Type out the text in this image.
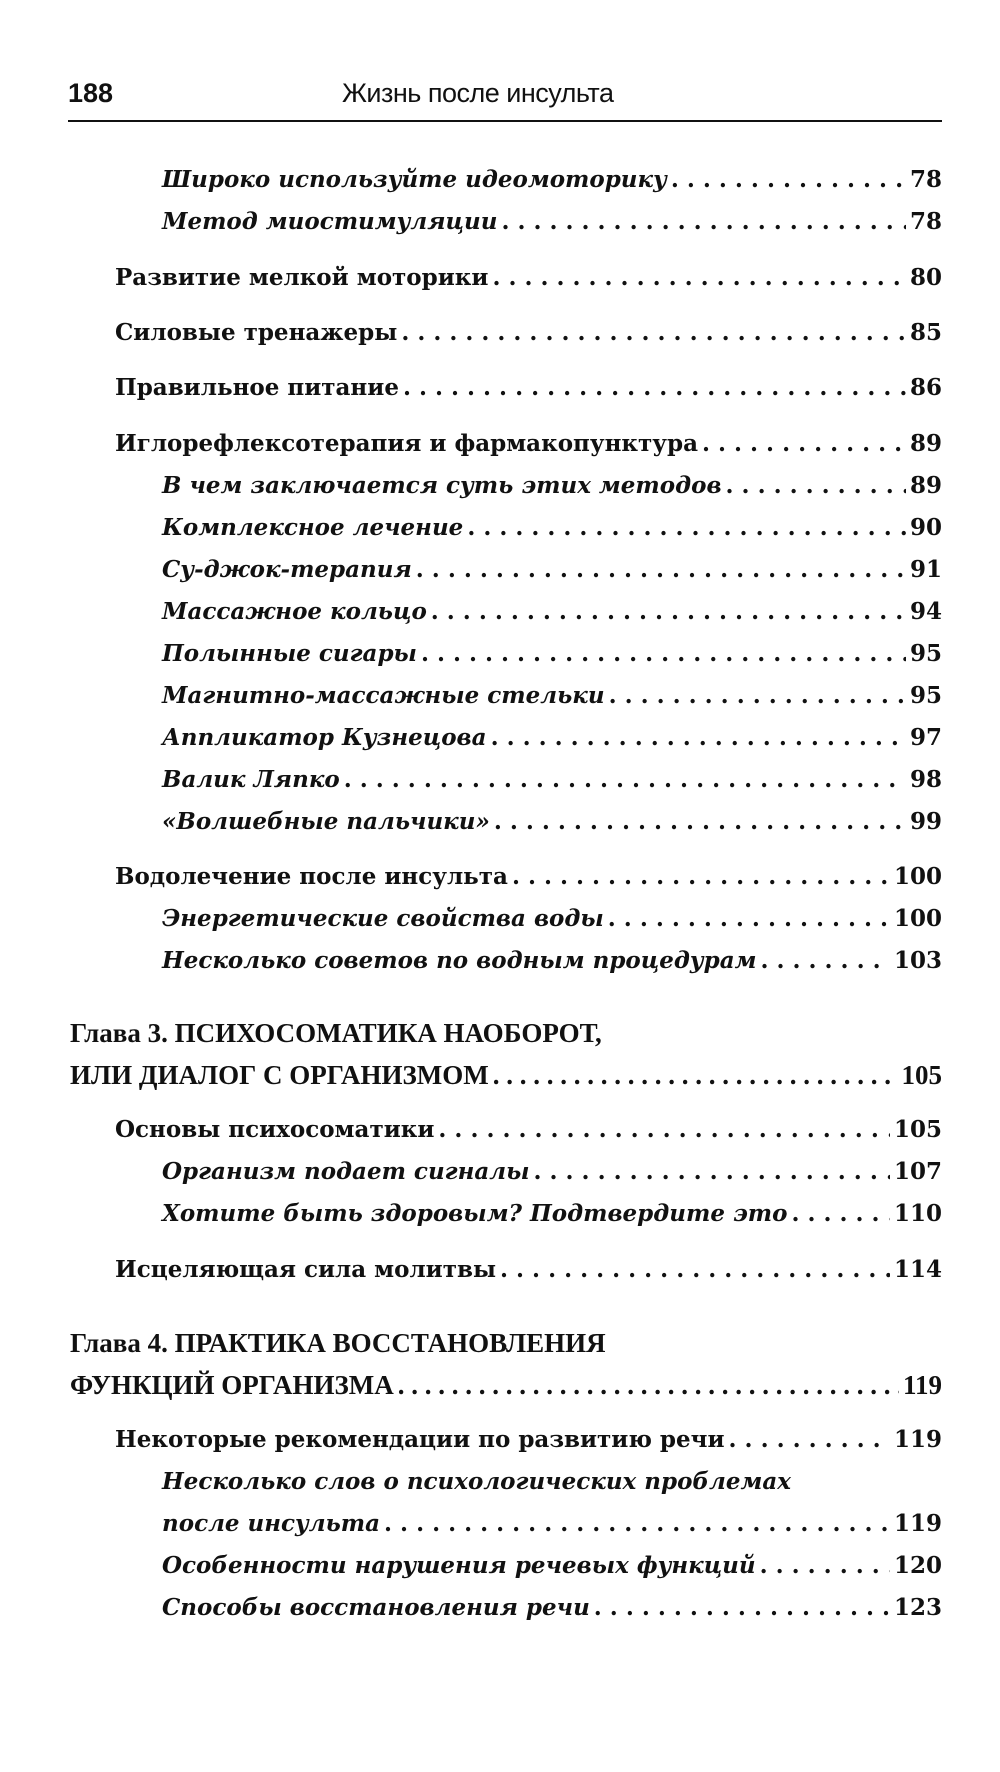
188	Жизнь после инсульта
Широко используйте идеомоторику . . .	78
Метод миостимуляции . . .	78
Развитие мелкой моторики . . .	80
Силовые тренажеры . . .	85
Правильное питание . . .	86
Иглорефлексотерапия и фармакопунктура . . .	89
В чем заключается суть этих методов . . .	89
Комплексное лечение . . .	90
Су-джок-терапия . . .	91
Массажное кольцо . . .	94
Полынные сигары . . .	95
Магнитно-массажные стельки . . .	95
Аппликатор Кузнецова . . .	97
Валик Ляпко . . .	98
«Волшебные пальчики» . . .	99
Водолечение после инсульта . . .	100
Энергетические свойства воды . . .	100
Несколько советов по водным процедурам . . .	103
Глава 3. ПСИХОСОМАТИКА НАОБОРОТ,
ИЛИ ДИАЛОГ С ОРГАНИЗМОМ . . .	105
Основы психосоматики . . .	105
Организм подает сигналы . . .	107
Хотите быть здоровым? Подтвердите это . . .	110
Исцеляющая сила молитвы . . .	114
Глава 4. ПРАКТИКА ВОССТАНОВЛЕНИЯ
ФУНКЦИЙ ОРГАНИЗМА . . .	119
Некоторые рекомендации по развитию речи . . .	119
Несколько слов о психологических проблемах
после инсульта . . .	119
Особенности нарушения речевых функций . . .	120
Способы восстановления речи . . .	123
